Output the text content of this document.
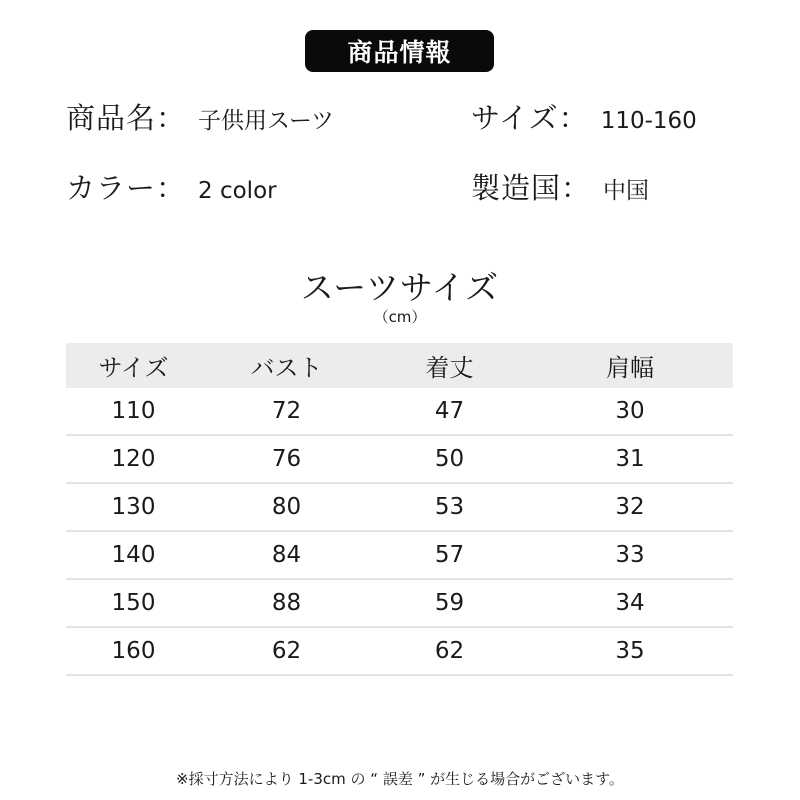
商品情報
商品名： 子供用スーツ	サイズ： 110-160
カラー： 2 color	製造国： 中国
スーツサイズ
（cm）
サイズ	バスト	着丈	肩幅
110	72	47	30
120	76	50	31
130	80	53	32
140	84	57	33
150	88	59	34
160	62	62	35
※採寸方法により 1-3cm の “ 誤差 ” が生じる場合がございます。
